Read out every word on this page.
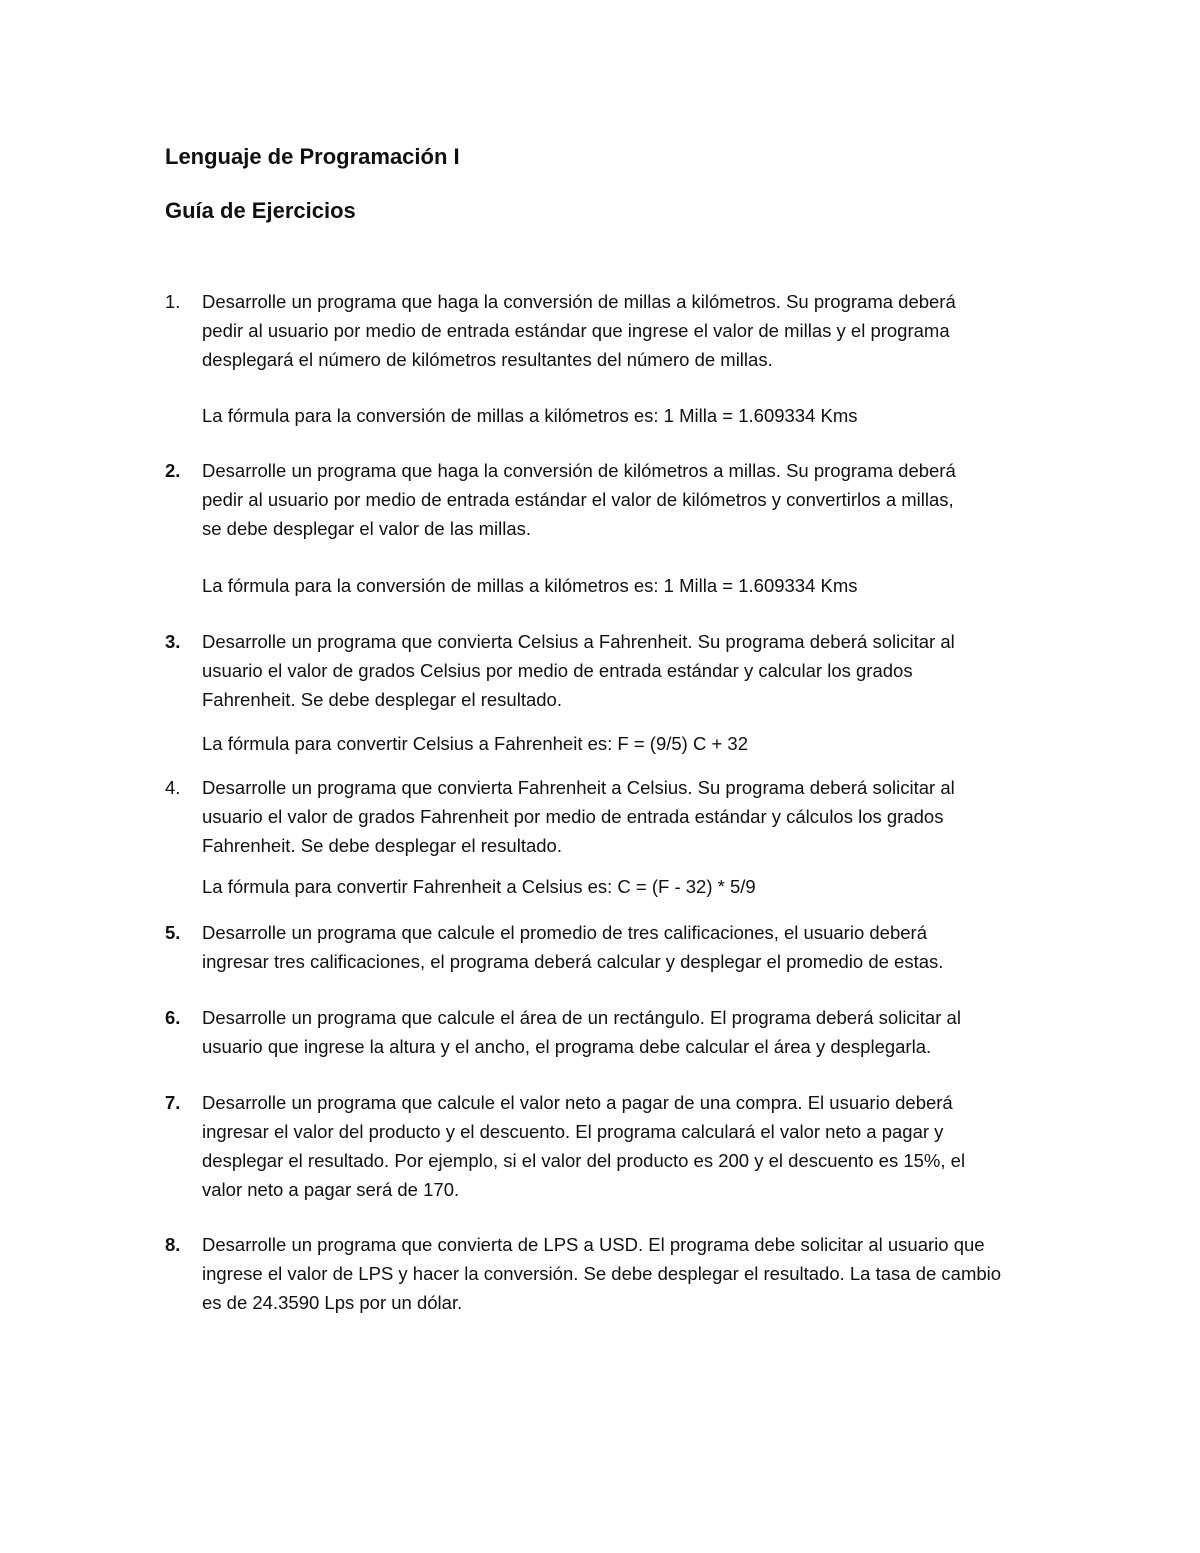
Lenguaje de Programación I
Guía de Ejercicios
1. Desarrolle un programa que haga la conversión de millas a kilómetros. Su programa deberá
pedir al usuario por medio de entrada estándar que ingrese el valor de millas y el programa
desplegará el número de kilómetros resultantes del número de millas.

La fórmula para la conversión de millas a kilómetros es: 1 Milla = 1.609334 Kms

2. Desarrolle un programa que haga la conversión de kilómetros a millas. Su programa deberá
pedir al usuario por medio de entrada estándar el valor de kilómetros y convertirlos a millas,
se debe desplegar el valor de las millas.

La fórmula para la conversión de millas a kilómetros es: 1 Milla = 1.609334 Kms

3. Desarrolle un programa que convierta Celsius a Fahrenheit. Su programa deberá solicitar al
usuario el valor de grados Celsius por medio de entrada estándar y calcular los grados
Fahrenheit. Se debe desplegar el resultado.

La fórmula para convertir Celsius a Fahrenheit es: F = (9/5) C + 32

4. Desarrolle un programa que convierta Fahrenheit a Celsius. Su programa deberá solicitar al
usuario el valor de grados Fahrenheit por medio de entrada estándar y cálculos los grados
Fahrenheit. Se debe desplegar el resultado.

La fórmula para convertir Fahrenheit a Celsius es: C = (F - 32) * 5/9

5. Desarrolle un programa que calcule el promedio de tres calificaciones, el usuario deberá
ingresar tres calificaciones, el programa deberá calcular y desplegar el promedio de estas.

6. Desarrolle un programa que calcule el área de un rectángulo. El programa deberá solicitar al
usuario que ingrese la altura y el ancho, el programa debe calcular el área y desplegarla.

7. Desarrolle un programa que calcule el valor neto a pagar de una compra. El usuario deberá
ingresar el valor del producto y el descuento. El programa calculará el valor neto a pagar y
desplegar el resultado. Por ejemplo, si el valor del producto es 200 y el descuento es 15%, el
valor neto a pagar será de 170.

8. Desarrolle un programa que convierta de LPS a USD. El programa debe solicitar al usuario que
ingrese el valor de LPS y hacer la conversión. Se debe desplegar el resultado. La tasa de cambio
es de 24.3590 Lps por un dólar.
